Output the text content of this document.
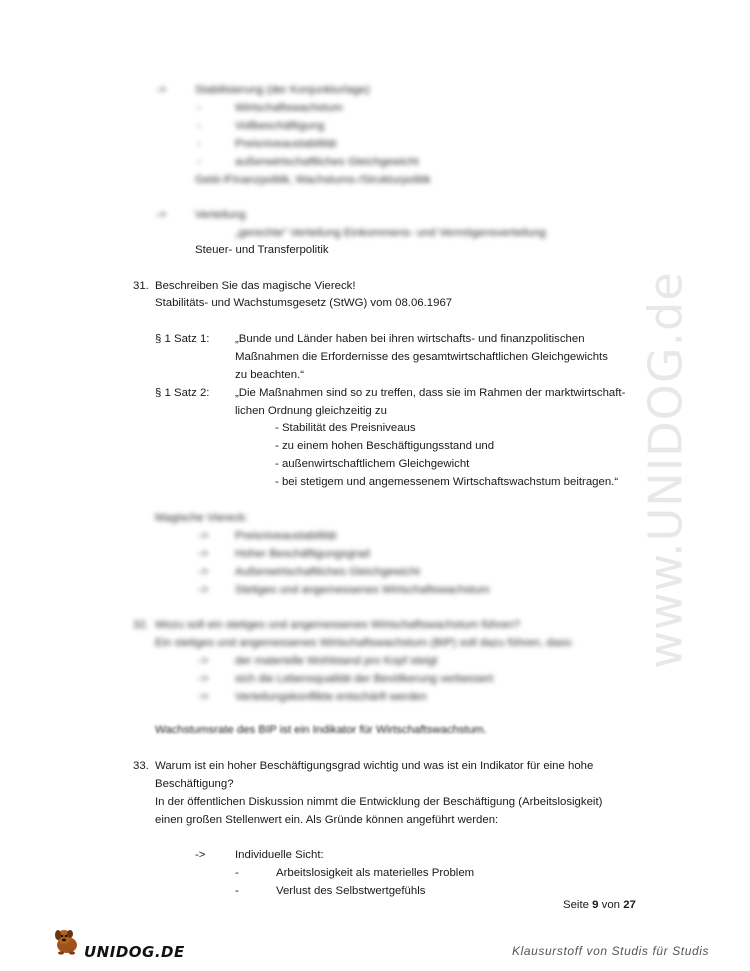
www.UNIDOG.de
->	Stabilisierung (der Konjunkturlage)
-	Wirtschaftswachstum
-	Vollbeschäftigung
-	Preisniveaustabilität
-	außenwirtschaftliches Gleichgewicht
Geld-/Finanzpolitik, Wachstums-/Strukturpolitik
->	Verteilung
„gerechte“ Verteilung Einkommens- und Vermögensverteilung
Steuer- und Transferpolitik
31. Beschreiben Sie das magische Viereck!
Stabilitäts- und Wachstumsgesetz (StWG) vom 08.06.1967
§ 1 Satz 1: „Bunde und Länder haben bei ihren wirtschafts- und finanzpolitischen
Maßnahmen die Erfordernisse des gesamtwirtschaftlichen Gleichgewichts
zu beachten.“
§ 1 Satz 2: „Die Maßnahmen sind so zu treffen, dass sie im Rahmen der marktwirtschaft-
lichen Ordnung gleichzeitig zu
- Stabilität des Preisniveaus
- zu einem hohen Beschäftigungsstand und
- außenwirtschaftlichem Gleichgewicht
- bei stetigem und angemessenem Wirtschaftswachstum beitragen.“
Magische Viereck:
-> Preisniveaustabilität
-> Hoher Beschäftigungsgrad
-> Außenwirtschaftliches Gleichgewicht
-> Stetiges und angemessenes Wirtschaftswachstum
32. Wozu soll ein stetiges und angemessenes Wirtschaftswachstum führen?
Ein stetiges und angemessenes Wirtschaftswachstum (BIP) soll dazu führen, dass:
-> der materielle Wohlstand pro Kopf steigt
-> sich die Lebensqualität der Bevölkerung verbessert
-> Verteilungskonflikte entschärft werden
Wachstumsrate des BIP ist ein Indikator für Wirtschaftswachstum.
33. Warum ist ein hoher Beschäftigungsgrad wichtig und was ist ein Indikator für eine hohe
Beschäftigung?
In der öffentlichen Diskussion nimmt die Entwicklung der Beschäftigung (Arbeitslosigkeit)
einen großen Stellenwert ein. Als Gründe können angeführt werden:
->	Individuelle Sicht:
-	Arbeitslosigkeit als materielles Problem
-	Verlust des Selbstwertgefühls
Seite 9 von 27
UNIDOG.DE	Klausurstoff von Studis für Studis
